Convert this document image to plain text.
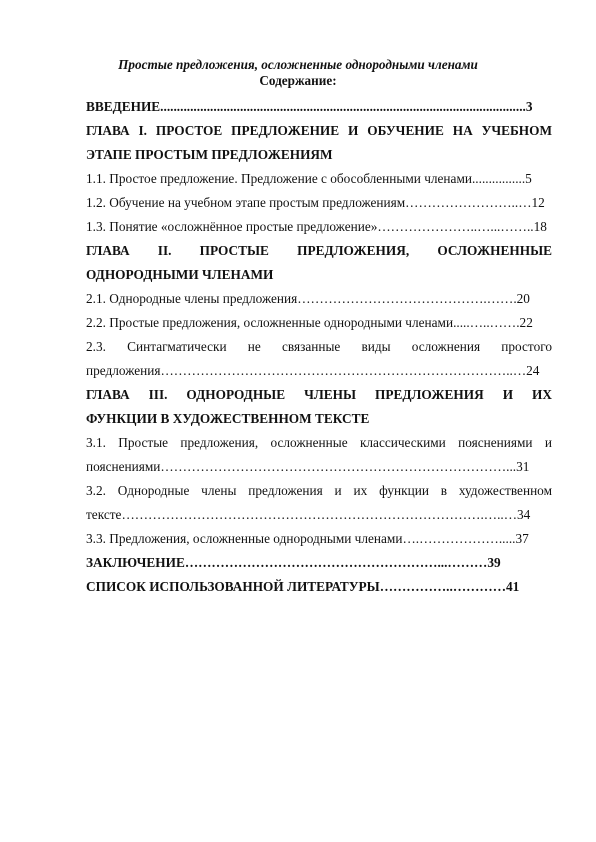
Простые предложения, осложненные однородными членами
Содержание:
ВВЕДЕНИЕ..............................................................................................................3
ГЛАВА I. ПРОСТОЕ ПРЕДЛОЖЕНИЕ И ОБУЧЕНИЕ НА УЧЕБНОМ
ЭТАПЕ ПРОСТЫМ ПРЕДЛОЖЕНИЯМ
1.1. Простое предложение. Предложение с обособленными членами................5
1.2. Обучение на учебном этапе простым предложениям……………………..…12
1.3. Понятие «осложнённое простые предложение»…………………..…...……..18
ГЛАВА II. ПРОСТЫЕ ПРЕДЛОЖЕНИЯ, ОСЛОЖНЕННЫЕ
ОДНОРОДНЫМИ ЧЛЕНАМИ
2.1. Однородные члены предложения…………………………………….…….20
2.2. Простые предложения, осложненные однородными членами.....…..…….22
2.3. Синтагматически не связанные виды осложнения простого
предложения……………………………………………………………………..…24
ГЛАВА III. ОДНОРОДНЫЕ ЧЛЕНЫ ПРЕДЛОЖЕНИЯ И ИХ
ФУНКЦИИ В ХУДОЖЕСТВЕННОМ ТЕКСТЕ
3.1. Простые предложения, осложненные классическими пояснениями и
пояснениями……………………………………………………………………...31
3.2. Однородные члены предложения и их функции в художественном
тексте……………………………………………………………………….…..…34
3.3. Предложения, осложненные однородными членами….……………….....37
ЗАКЛЮЧЕНИЕ…………………………………………………...………39
СПИСОК ИСПОЛЬЗОВАННОЙ ЛИТЕРАТУРЫ……………..…………41
